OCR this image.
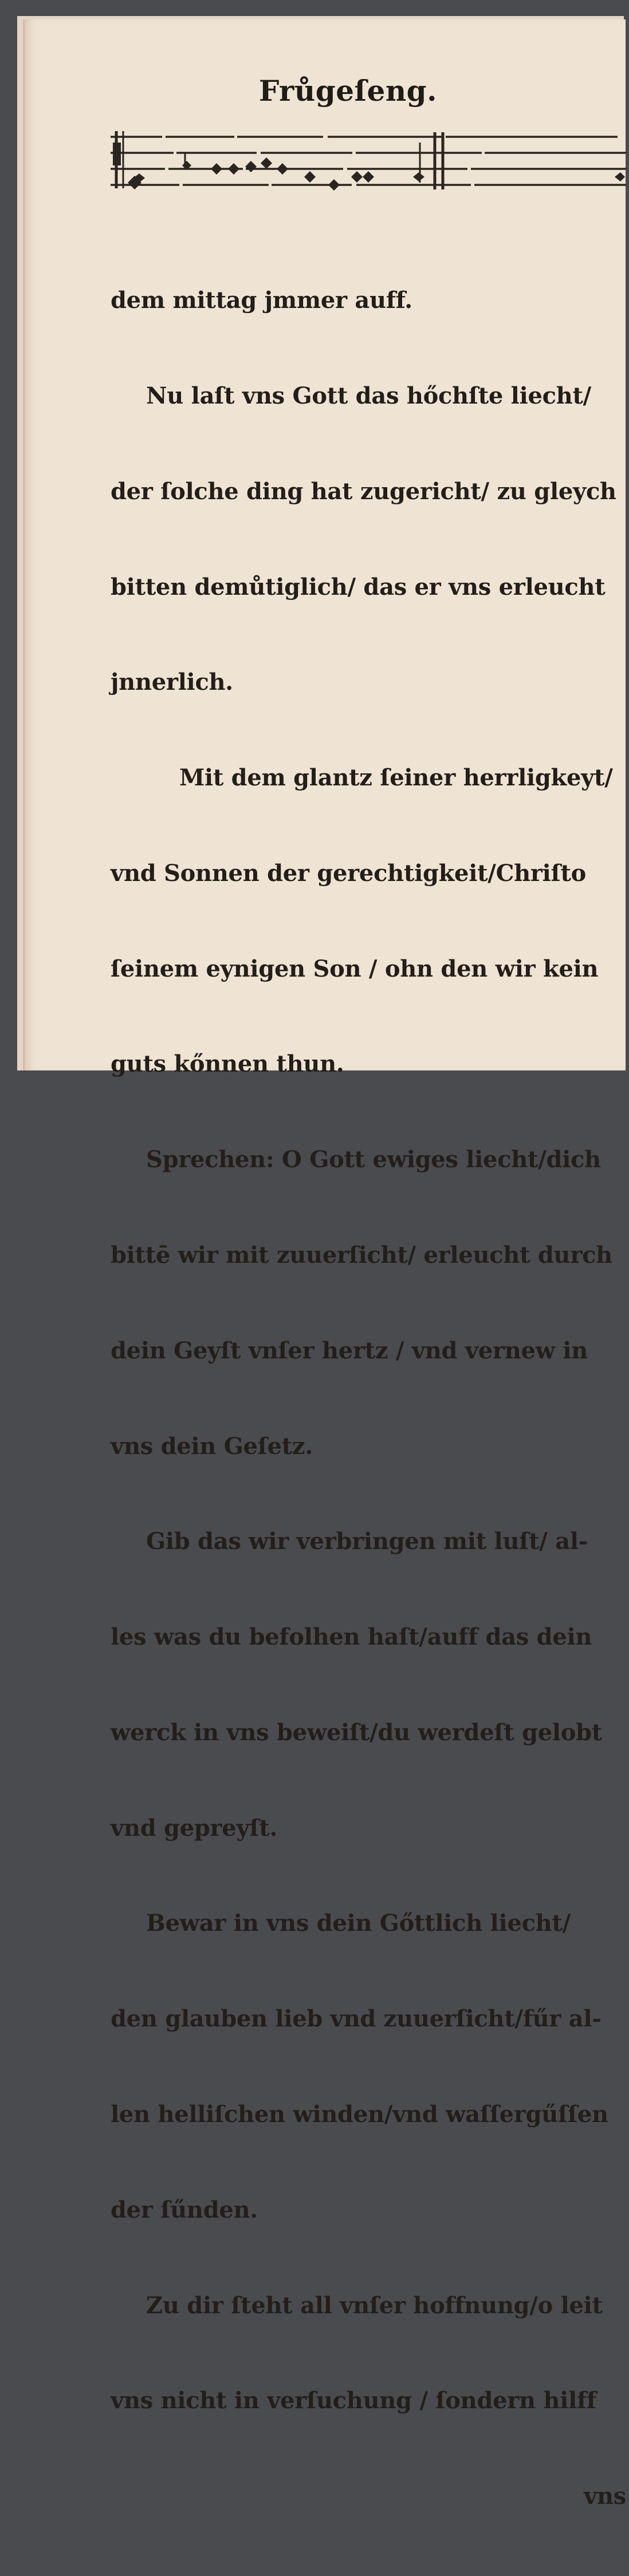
Frůgeſeng.

dem mittag jmmer auff.

Nu laſt vns Gott das hőchſte liecht/

der ſolche ding hat zugericht/ zu gleych

bitten demůtiglich/ das er vns erleucht

jnnerlich.

Mit dem glantz ſeiner herrligkeyt/

vnd Sonnen der gerechtigkeit/Chriſto

ſeinem eynigen Son / ohn den wir kein

guts kőnnen thun.

Sprechen: O Gott ewiges liecht/dich

bittē wir mit zuuerſicht/ erleucht durch

dein Geyſt vnſer hertz / vnd vernew in

vns dein Geſetz.

Gib das wir verbringen mit luſt/ al-

les was du befolhen haſt/auff das dein

werck in vns beweiſt/du werdeſt gelobt

vnd gepreyſt.

Bewar in vns dein Gőttlich liecht/

den glauben lieb vnd zuuerſicht/fűr al-

len helliſchen winden/vnd waſſergűſſen

der ſűnden.

Zu dir ſteht all vnſer hoffnung/o leit

vns nicht in verſuchung / ſondern hilff

vns
